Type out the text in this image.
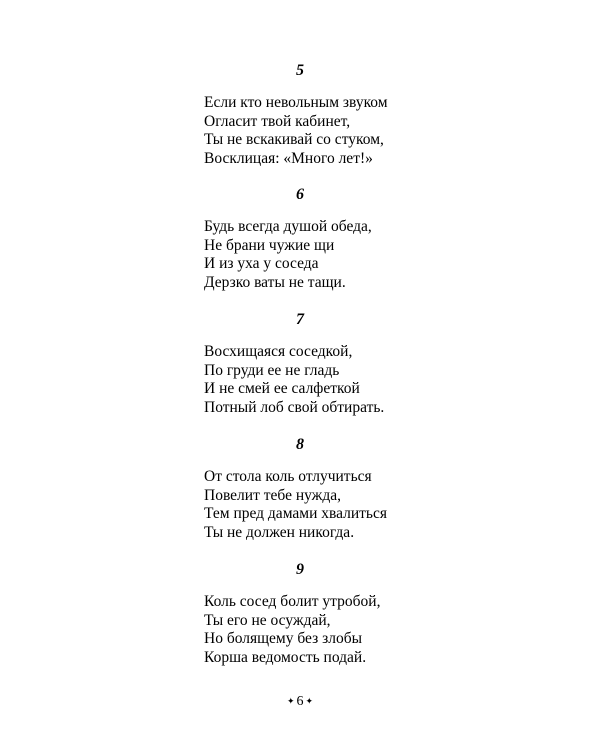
5
Если кто невольным звуком
Огласит твой кабинет,
Ты не вскакивай со стуком,
Восклицая: «Много лет!»
6
Будь всегда душой обеда,
Не брани чужие щи
И из уха у соседа
Дерзко ваты не тащи.
7
Восхищаяся соседкой,
По груди ее не гладь
И не смей ее салфеткой
Потный лоб свой обтирать.
8
От стола коль отлучиться
Повелит тебе нужда,
Тем пред дамами хвалиться
Ты не должен никогда.
9
Коль сосед болит утробой,
Ты его не осуждай,
Но болящему без злобы
Корша ведомость подай.
✦ 6 ✦
